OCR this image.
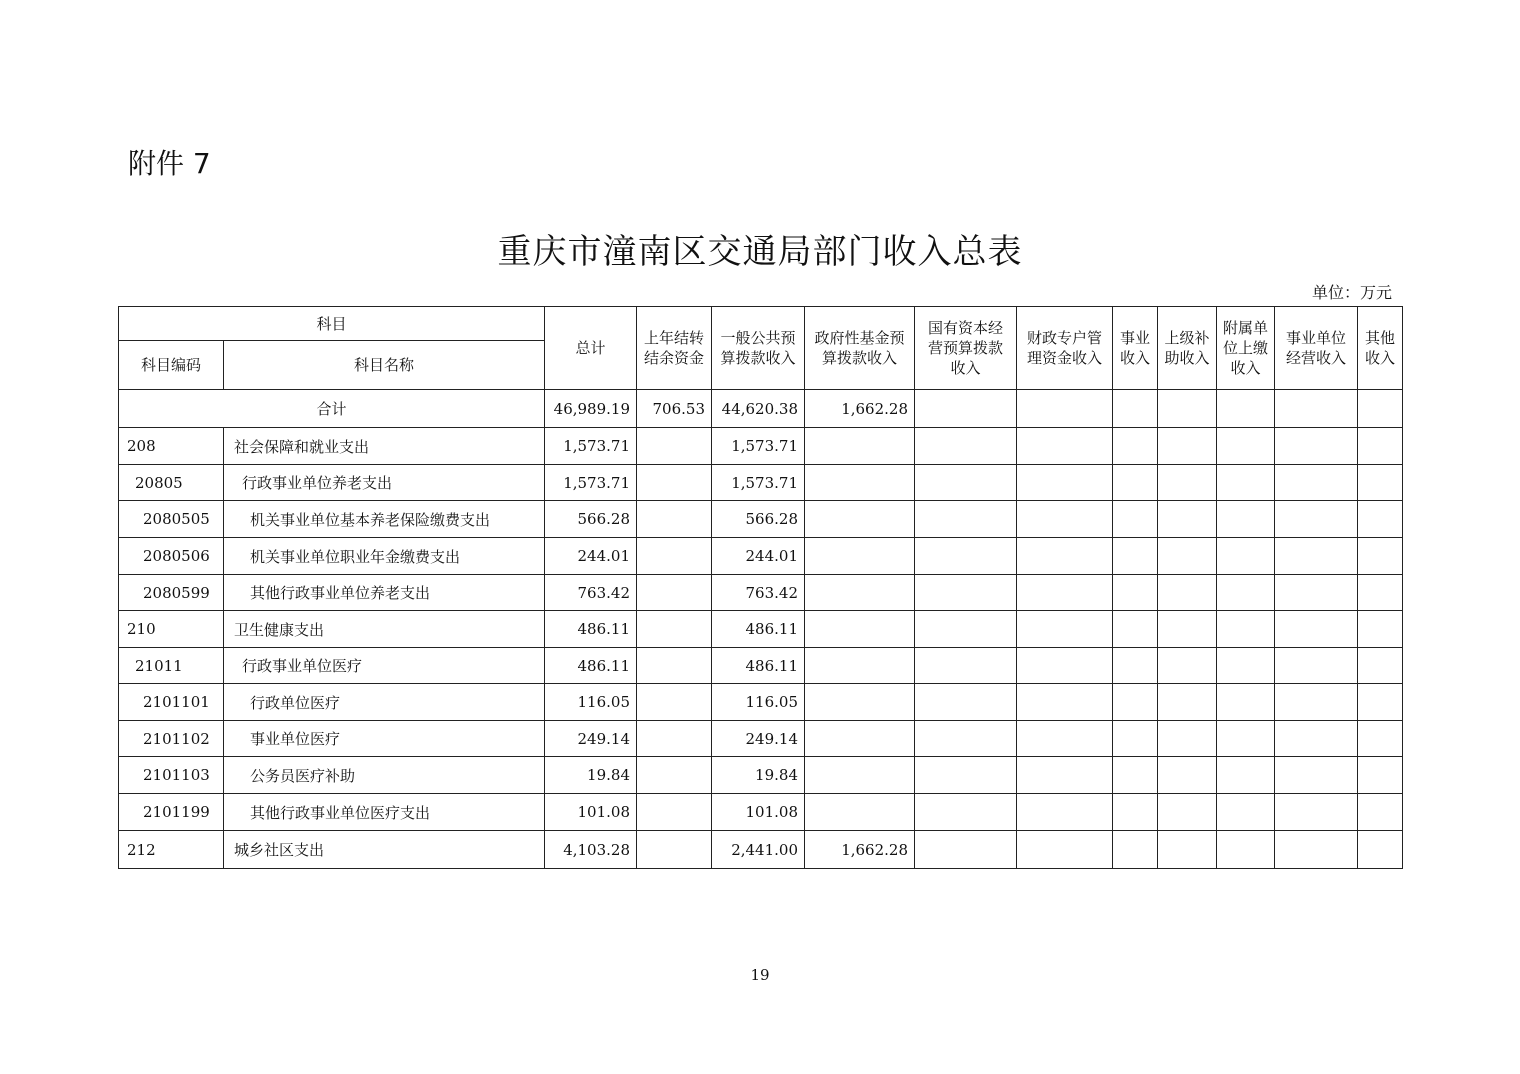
附件 7
重庆市潼南区交通局部门收入总表
单位：万元
科目		总计	上年结转结余资金	一般公共预算拨款收入	政府性基金预算拨款收入	国有资本经营预算拨款收入	财政专户管理资金收入	事业收入	上级补助收入	附属单位上缴收入	事业单位经营收入	其他收入
科目编码	科目名称											
合计		46,989.19	706.53	44,620.38	1,662.28							
208	社会保障和就业支出	1,573.71		1,573.71								
20805	行政事业单位养老支出	1,573.71		1,573.71								
2080505	机关事业单位基本养老保险缴费支出	566.28		566.28								
2080506	机关事业单位职业年金缴费支出	244.01		244.01								
2080599	其他行政事业单位养老支出	763.42		763.42								
210	卫生健康支出	486.11		486.11								
21011	行政事业单位医疗	486.11		486.11								
2101101	行政单位医疗	116.05		116.05								
2101102	事业单位医疗	249.14		249.14								
2101103	公务员医疗补助	19.84		19.84								
2101199	其他行政事业单位医疗支出	101.08		101.08								
212	城乡社区支出	4,103.28		2,441.00	1,662.28							
19
